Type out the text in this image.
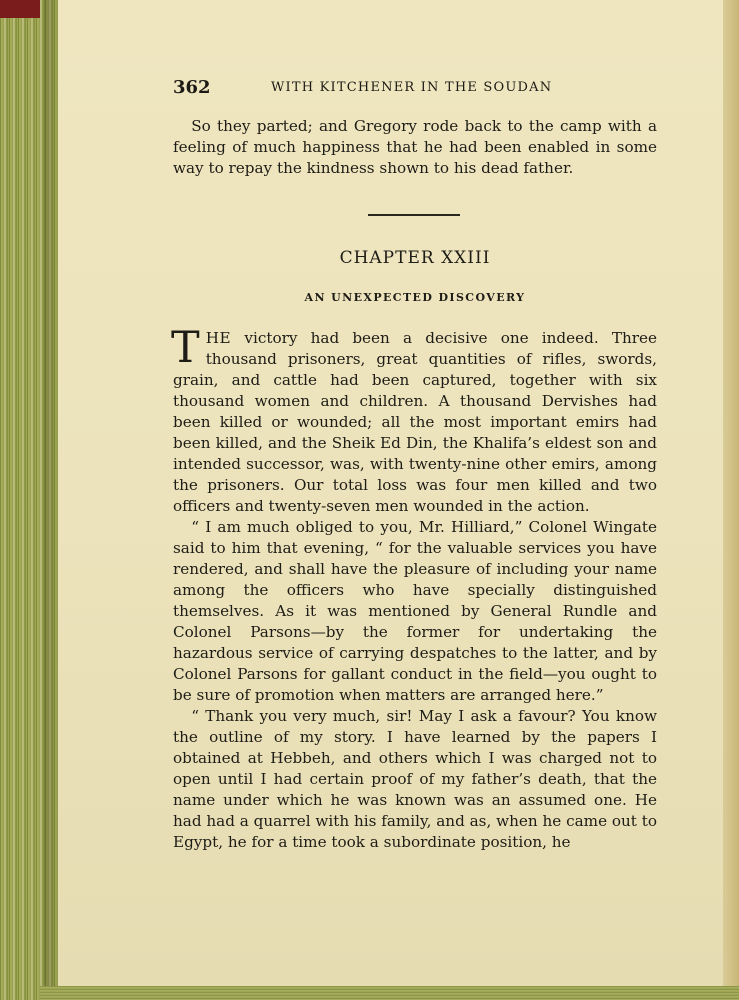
362	WITH KITCHENER IN THE SOUDAN

So they parted; and Gregory rode back to the camp with a feeling of much happiness that he had been enabled in some way to repay the kindness shown to his dead father.

CHAPTER XXIII
AN UNEXPECTED DISCOVERY

THE victory had been a decisive one indeed. Three thousand prisoners, great quantities of rifles, swords, grain, and cattle had been captured, together with six thousand women and children. A thousand Dervishes had been killed or wounded; all the most important emirs had been killed, and the Sheik Ed Din, the Khalifa’s eldest son and intended successor, was, with twenty-nine other emirs, among the prisoners. Our total loss was four men killed and two officers and twenty-seven men wounded in the action.

“ I am much obliged to you, Mr. Hilliard,” Colonel Wingate said to him that evening, “ for the valuable services you have rendered, and shall have the pleasure of including your name among the officers who have specially distinguished themselves. As it was mentioned by General Rundle and Colonel Parsons—by the former for undertaking the hazardous service of carrying despatches to the latter, and by Colonel Parsons for gallant conduct in the field—you ought to be sure of promotion when matters are arranged here.”

“ Thank you very much, sir! May I ask a favour? You know the outline of my story. I have learned by the papers I obtained at Hebbeh, and others which I was charged not to open until I had certain proof of my father’s death, that the name under which he was known was an assumed one. He had had a quarrel with his family, and as, when he came out to Egypt, he for a time took a subordinate position, he
